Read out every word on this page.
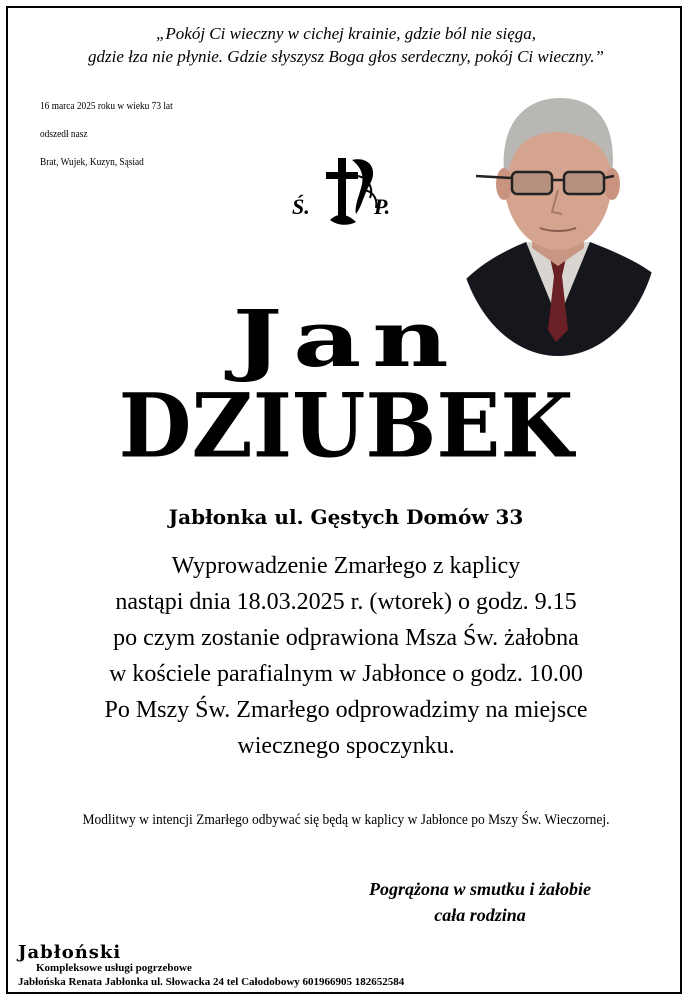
„Pokój Ci wieczny w cichej krainie, gdzie ból nie sięga,
gdzie łza nie płynie. Gdzie słyszysz Boga głos serdeczny, pokój Ci wieczny.”
16 marca 2025 roku w wieku 73 lat
odszedł nasz
Brat, Wujek, Kuzyn, Sąsiad
Ś.	P.
Jan
DZIUBEK
Jabłonka ul. Gęstych Domów 33
Wyprowadzenie Zmarłego z kaplicy
nastąpi dnia 18.03.2025 r. (wtorek) o godz. 9.15
po czym zostanie odprawiona Msza Św. żałobna
w kościele parafialnym w Jabłonce o godz. 10.00
Po Mszy Św. Zmarłego odprowadzimy na miejsce
wiecznego spoczynku.
Modlitwy w intencji Zmarłego odbywać się będą w kaplicy w Jabłonce po Mszy Św. Wieczornej.
Pogrążona w smutku i żałobie
cała rodzina
Jabłoński
Kompleksowe usługi pogrzebowe
Jabłońska Renata Jabłonka ul. Słowacka 24 tel Całodobowy 601966905 182652584
